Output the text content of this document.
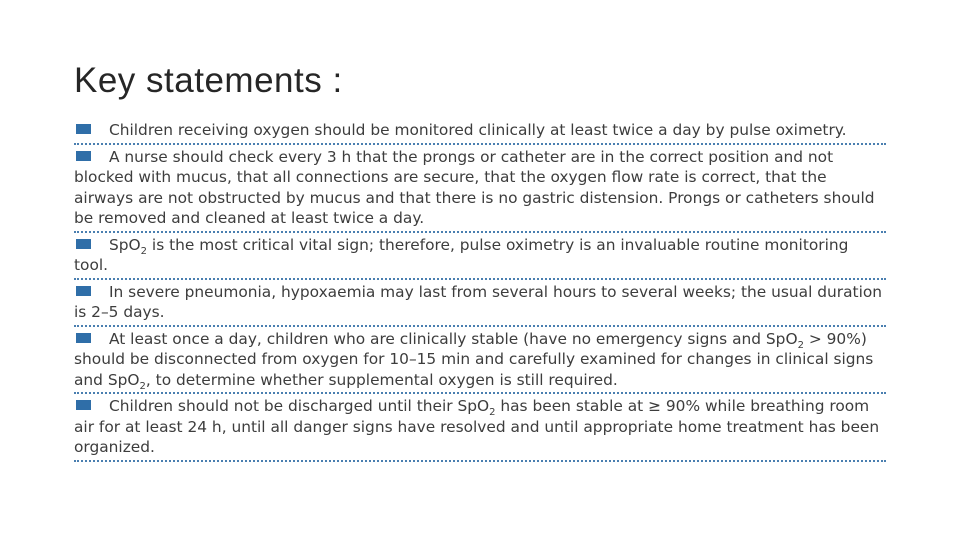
Key statements :
Children receiving oxygen should be monitored clinically at least twice a day by pulse oximetry.
A nurse should check every 3 h that the prongs or catheter are in the correct position and not blocked with mucus, that all connections are secure, that the oxygen flow rate is correct, that the airways are not obstructed by mucus and that there is no gastric distension. Prongs or catheters should be removed and cleaned at least twice a day.
SpO$_2$ is the most critical vital sign; therefore, pulse oximetry is an invaluable routine monitoring tool.
In severe pneumonia, hypoxaemia may last from several hours to several weeks; the usual duration is 2–5 days.
At least once a day, children who are clinically stable (have no emergency signs and SpO$_2$ > 90%) should be disconnected from oxygen for 10–15 min and carefully examined for changes in clinical signs and SpO$_2$, to determine whether supplemental oxygen is still required.
Children should not be discharged until their SpO$_2$ has been stable at ≥ 90% while breathing room air for at least 24 h, until all danger signs have resolved and until appropriate home treatment has been organized.
